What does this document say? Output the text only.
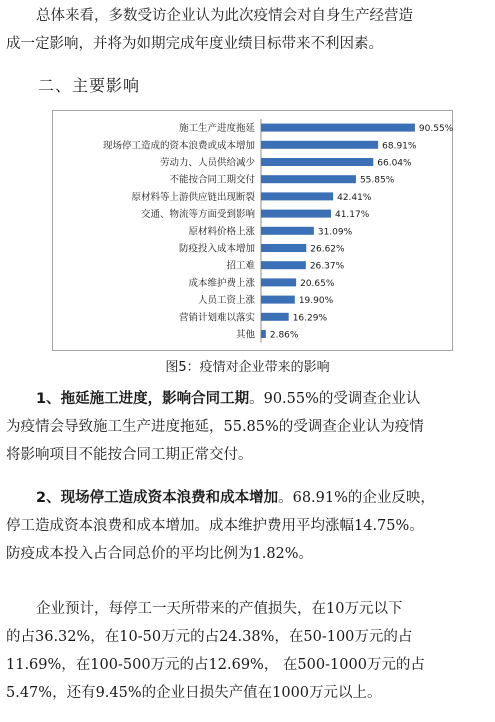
总体来看，多数受访企业认为此次疫情会对自身生产经营造
成一定影响，并将为如期完成年度业绩目标带来不利因素。
二、主要影响
施工生产进度拖延	90.55%
现场停工造成的资本浪费或成本增加	68.91%
劳动力、人员供给减少	66.04%
不能按合同工期交付	55.85%
原材料等上游供应链出现断裂	42.41%
交通、物流等方面受到影响	41.17%
原材料价格上涨	31.09%
防疫投入成本增加	26.62%
招工难	26.37%
成本维护费上涨	20.65%
人员工资上涨	19.90%
营销计划难以落实	16.29%
其他 2.86%
图5：疫情对企业带来的影响
1、拖延施工进度，影响合同工期。90.55%的受调查企业认
为疫情会导致施工生产进度拖延，55.85%的受调查企业认为疫情
将影响项目不能按合同工期正常交付。
2、现场停工造成资本浪费和成本增加。68.91%的企业反映，
停工造成资本浪费和成本增加。成本维护费用平均涨幅14.75%。
防疫成本投入占合同总价的平均比例为1.82%。
企业预计，每停工一天所带来的产值损失，在10万元以下
的占36.32%，在10-50万元的占24.38%，在50-100万元的占
11.69%，在100-500万元的占12.69%， 在500-1000万元的占
5.47%，还有9.45%的企业日损失产值在1000万元以上。
